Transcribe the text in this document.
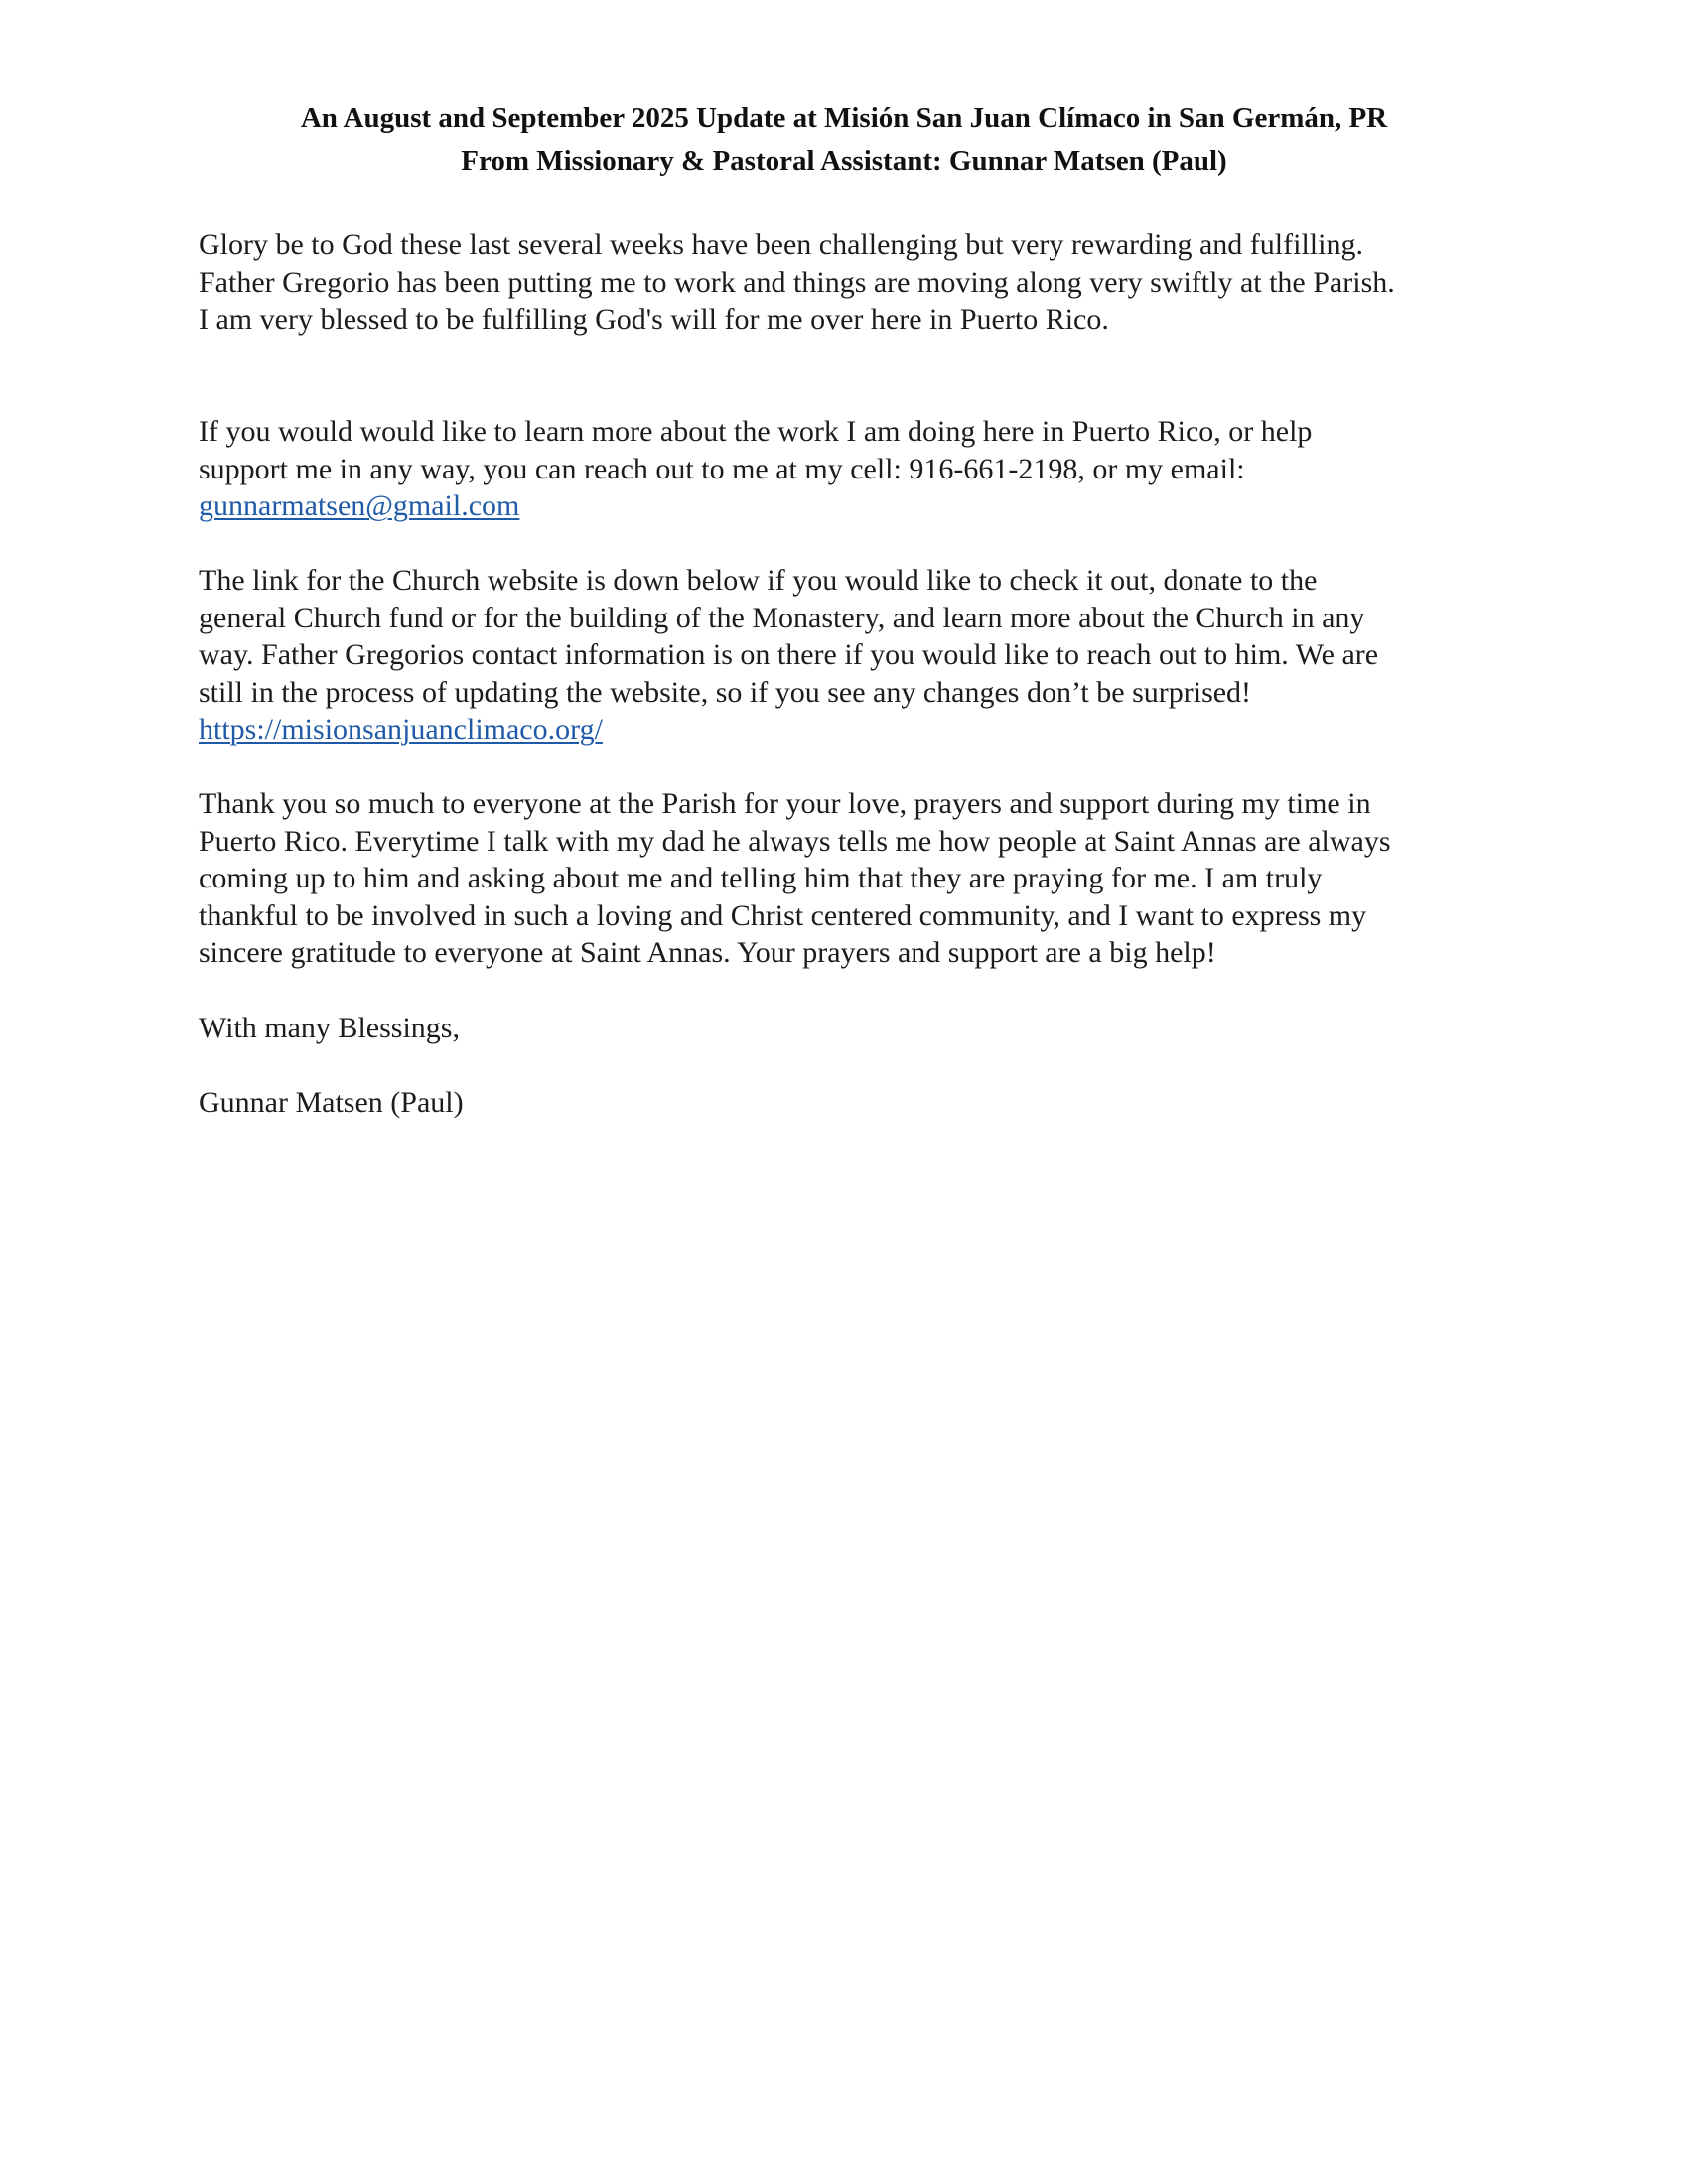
An August and September 2025 Update at Misión San Juan Clímaco in San Germán, PR
From Missionary & Pastoral Assistant: Gunnar Matsen (Paul)

Glory be to God these last several weeks have been challenging but very rewarding and fulfilling.
Father Gregorio has been putting me to work and things are moving along very swiftly at the Parish.
I am very blessed to be fulfilling God's will for me over here in Puerto Rico.

If you would would like to learn more about the work I am doing here in Puerto Rico, or help
support me in any way, you can reach out to me at my cell: 916-661-2198, or my email:
gunnarmatsen@gmail.com

The link for the Church website is down below if you would like to check it out, donate to the
general Church fund or for the building of the Monastery, and learn more about the Church in any
way. Father Gregorios contact information is on there if you would like to reach out to him. We are
still in the process of updating the website, so if you see any changes don’t be surprised!
https://misionsanjuanclimaco.org/

Thank you so much to everyone at the Parish for your love, prayers and support during my time in
Puerto Rico. Everytime I talk with my dad he always tells me how people at Saint Annas are always
coming up to him and asking about me and telling him that they are praying for me. I am truly
thankful to be involved in such a loving and Christ centered community, and I want to express my
sincere gratitude to everyone at Saint Annas. Your prayers and support are a big help!

With many Blessings,

Gunnar Matsen (Paul)
